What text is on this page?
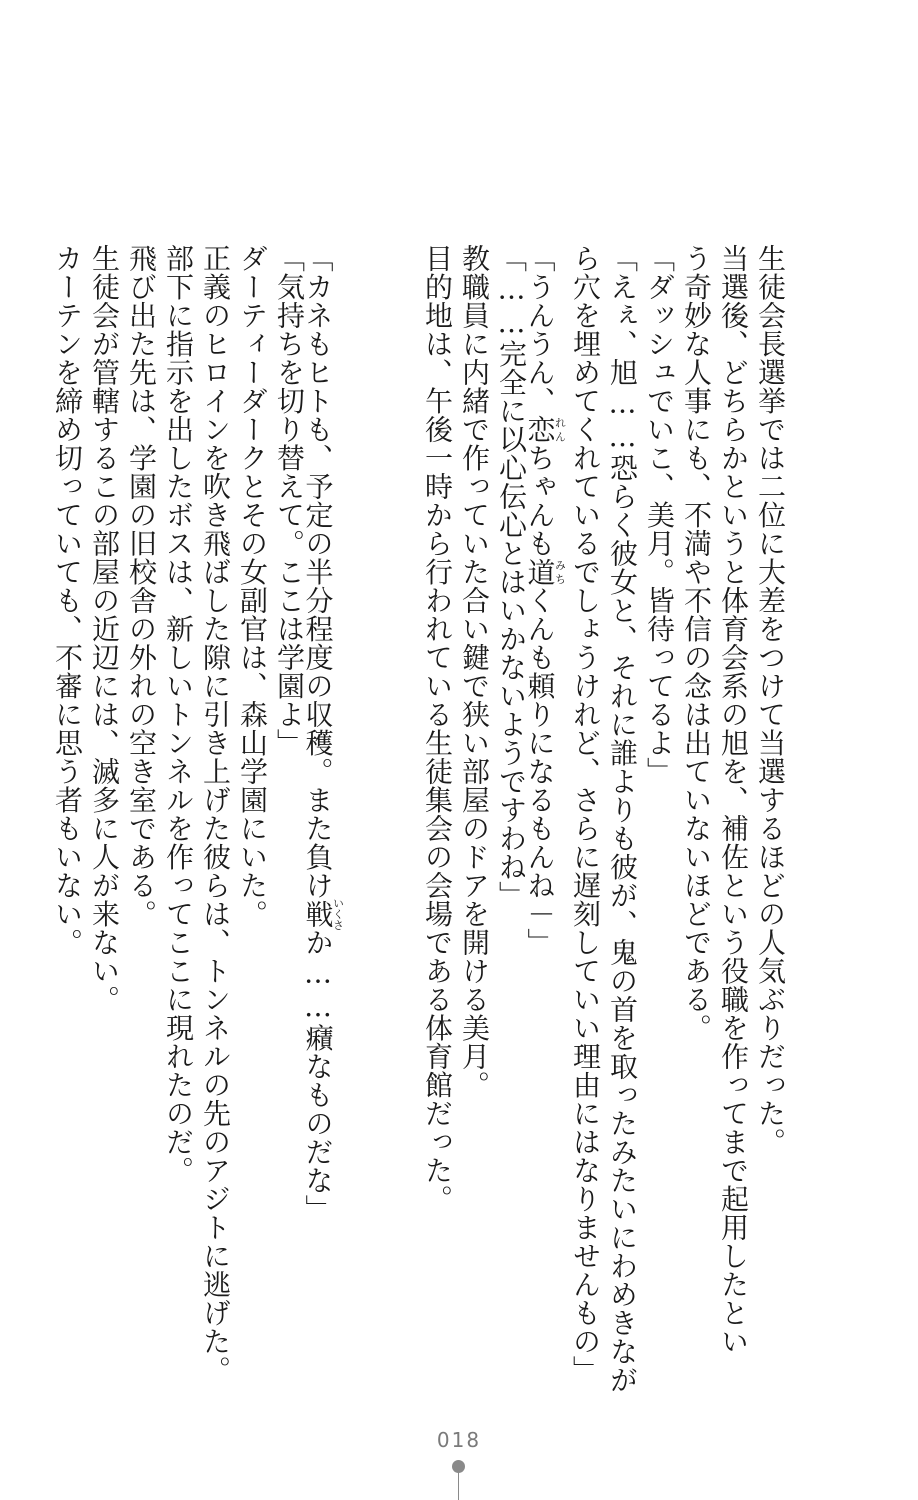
生徒会長選挙では二位に大差をつけて当選するほどの人気ぶりだった。
当選後、どちらかというと体育会系の旭を、補佐という役職を作ってまで起用したとい
う奇妙な人事にも、不満や不信の念は出ていないほどである。
「ダッシュでいこ、美月。皆待ってるよ」
「えぇ、旭……恐らく彼女と、それに誰よりも彼が、鬼の首を取ったみたいにわめきなが
ら穴を埋めてくれているでしょうけれど、さらに遅刻していい理由にはなりませんもの」
「うんうん、恋れんちゃんも道みちくんも頼りになるもんね－」
「……完全に以心伝心とはいかないようですわね」
教職員に内緒で作っていた合い鍵で狭い部屋のドアを開ける美月。
目的地は、午後一時から行われている生徒集会の会場である体育館だった。
「カネもヒトも、予定の半分程度の収穫。また負け戦いくさか……癪なものだな」
「気持ちを切り替えて。ここは学園よ」
ダーティーダークとその女副官は、森山学園にいた。
正義のヒロインを吹き飛ばした隙に引き上げた彼らは、トンネルの先のアジトに逃げた。
部下に指示を出したボスは、新しいトンネルを作ってここに現れたのだ。
飛び出た先は、学園の旧校舎の外れの空き室である。
生徒会が管轄するこの部屋の近辺には、滅多に人が来ない。
カーテンを締め切っていても、不審に思う者もいない。
018
